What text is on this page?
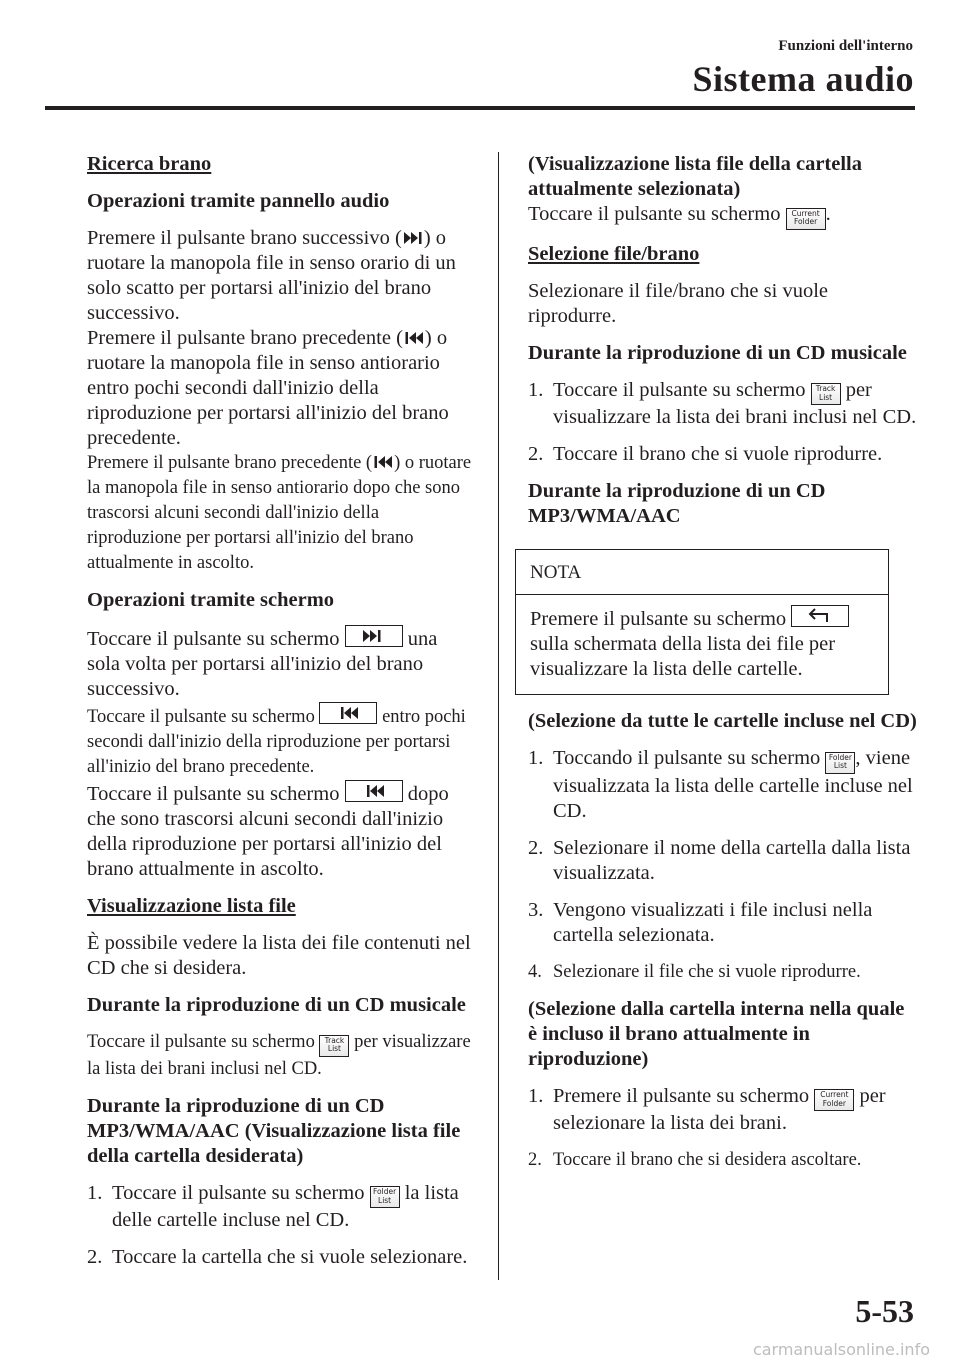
Funzioni dell'interno
Sistema audio

Ricerca brano

Operazioni tramite pannello audio

Premere il pulsante brano successivo ( ) o ruotare la manopola file in senso orario di un solo scatto per portarsi all'inizio del brano successivo.

Premere il pulsante brano precedente ( ) o ruotare la manopola file in senso antiorario entro pochi secondi dall'inizio della riproduzione per portarsi all'inizio del brano precedente.

Premere il pulsante brano precedente ( ) o ruotare la manopola file in senso antiorario dopo che sono trascorsi alcuni secondi dall'inizio della riproduzione per portarsi all'inizio del brano attualmente in ascolto.

Operazioni tramite schermo

Toccare il pulsante su schermo	una sola volta per portarsi all'inizio del brano successivo.

Toccare il pulsante su schermo	entro pochi secondi dall'inizio della riproduzione per portarsi all'inizio del brano precedente.

Toccare il pulsante su schermo	dopo che sono trascorsi alcuni secondi dall'inizio della riproduzione per portarsi all'inizio del brano attualmente in ascolto.

Visualizzazione lista file

È possibile vedere la lista dei file contenuti nel CD che si desidera.

Durante la riproduzione di un CD musicale

Toccare il pulsante su schermo Track
List per visualizzare la lista dei brani inclusi nel CD.

Durante la riproduzione di un CD MP3/WMA/AAC (Visualizzazione lista file della cartella desiderata)

1. Toccare il pulsante su schermo Folder
List la lista delle cartelle incluse nel CD.
2. Toccare la cartella che si vuole selezionare.

(Visualizzazione lista file della cartella attualmente selezionata)

Toccare il pulsante su schermo Current
Folder .

Selezione file/brano

Selezionare il file/brano che si vuole riprodurre.

Durante la riproduzione di un CD musicale

1. Toccare il pulsante su schermo Track
List per visualizzare la lista dei brani inclusi nel CD.
2. Toccare il brano che si vuole riprodurre.

Durante la riproduzione di un CD MP3/WMA/AAC

NOTA
Premere il pulsante su schermo  sulla schermata della lista dei file per visualizzare la lista delle cartelle.

(Selezione da tutte le cartelle incluse nel CD)

1. Toccando il pulsante su schermo Folder
List , viene visualizzata la lista delle cartelle incluse nel CD.
2. Selezionare il nome della cartella dalla lista visualizzata.
3. Vengono visualizzati i file inclusi nella cartella selezionata.
4. Selezionare il file che si vuole riprodurre.

(Selezione dalla cartella interna nella quale è incluso il brano attualmente in riproduzione)

1. Premere il pulsante su schermo Current
Folder per selezionare la lista dei brani.
2. Toccare il brano che si desidera ascoltare.
5-53
carmanualsonline.info
